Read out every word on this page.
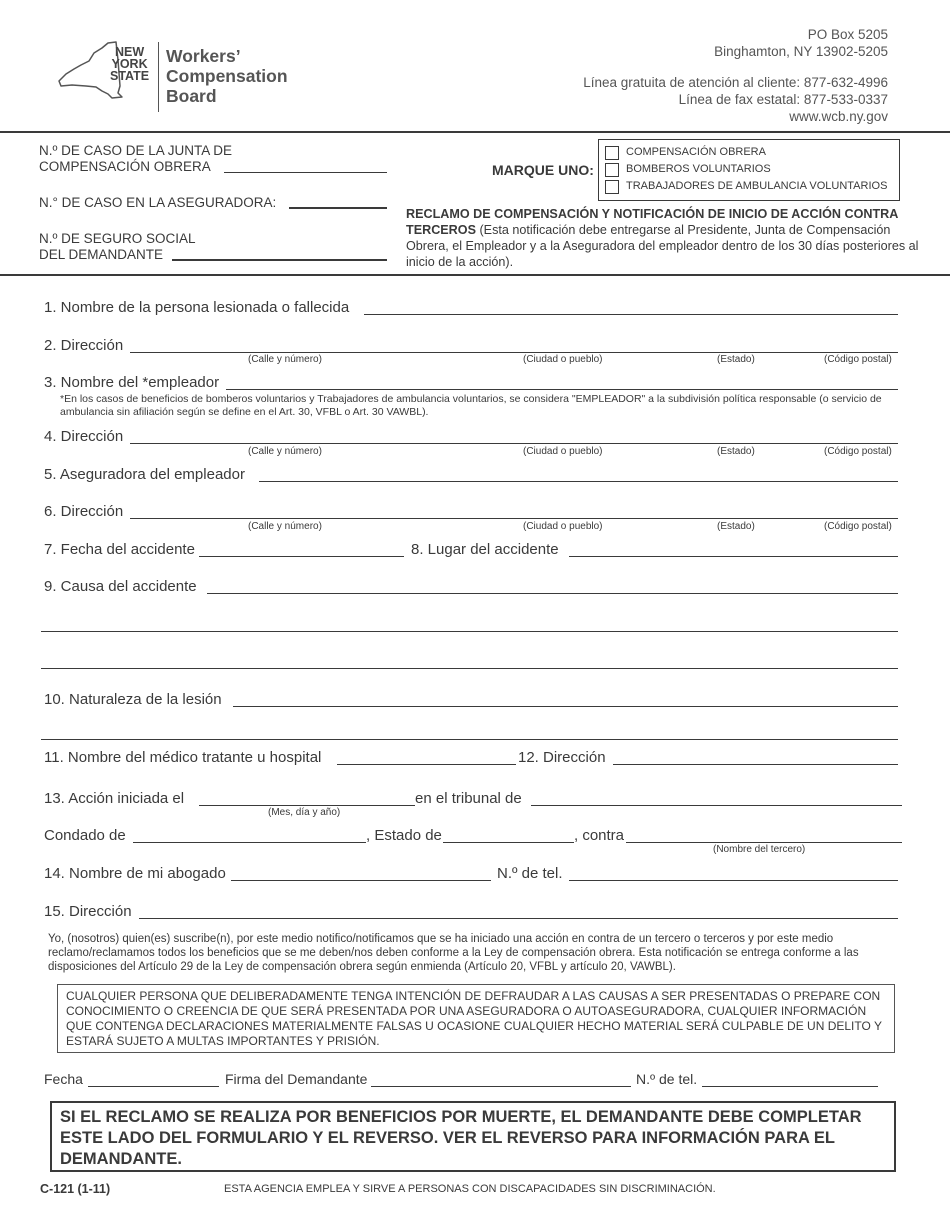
NEW
YORK
STATE
Workers’
Compensation
Board
PO Box 5205
Binghamton, NY 13902-5205
Línea gratuita de atención al cliente: 877-632-4996
Línea de fax estatal: 877-533-0337
www.wcb.ny.gov
N.º DE CASO DE LA JUNTA DE
COMPENSACIÓN OBRERA
N.° DE CASO EN LA ASEGURADORA:
N.º DE SEGURO SOCIAL
DEL DEMANDANTE
MARQUE UNO:
COMPENSACIÓN OBRERA
BOMBEROS VOLUNTARIOS
TRABAJADORES DE AMBULANCIA VOLUNTARIOS
RECLAMO DE COMPENSACIÓN Y NOTIFICACIÓN DE INICIO DE ACCIÓN CONTRA TERCEROS (Esta notificación debe entregarse al Presidente, Junta de Compensación Obrera, el Empleador y a la Aseguradora del empleador dentro de los 30 días posteriores al inicio de la acción).
1. Nombre de la persona lesionada o fallecida
2. Dirección
(Calle y número)	(Ciudad o pueblo)	(Estado)	(Código postal)
3. Nombre del *empleador
*En los casos de beneficios de bomberos voluntarios y Trabajadores de ambulancia voluntarios, se considera "EMPLEADOR" a la subdivisión política responsable (o servicio de ambulancia sin afiliación según se define en el Art. 30, VFBL o Art. 30 VAWBL).
4. Dirección
(Calle y número)	(Ciudad o pueblo)	(Estado)	(Código postal)
5. Aseguradora del empleador
6. Dirección
(Calle y número)	(Ciudad o pueblo)	(Estado)	(Código postal)
7. Fecha del accidente	8. Lugar del accidente
9. Causa del accidente
10. Naturaleza de la lesión
11. Nombre del médico tratante u hospital	12. Dirección
13. Acción iniciada el
(Mes, día y año)
en el tribunal de
Condado de	, Estado de	, contra
(Nombre del tercero)
14. Nombre de mi abogado	N.º de tel.
15. Dirección
Yo, (nosotros) quien(es) suscribe(n), por este medio notifico/notificamos que se ha iniciado una acción en contra de un tercero o terceros y por este medio reclamo/reclamamos todos los beneficios que se me deben/nos deben conforme a la Ley de compensación obrera. Esta notificación se entrega conforme a las disposiciones del Artículo 29 de la Ley de compensación obrera según enmienda (Artículo 20, VFBL y artículo 20, VAWBL).
CUALQUIER PERSONA QUE DELIBERADAMENTE TENGA INTENCIÓN DE DEFRAUDAR A LAS CAUSAS A SER PRESENTADAS O PREPARE CON CONOCIMIENTO O CREENCIA DE QUE SERÁ PRESENTADA POR UNA ASEGURADORA O AUTOASEGURADORA, CUALQUIER INFORMACIÓN QUE CONTENGA DECLARACIONES MATERIALMENTE FALSAS U OCASIONE CUALQUIER HECHO MATERIAL SERÁ CULPABLE DE UN DELITO Y ESTARÁ SUJETO A MULTAS IMPORTANTES Y PRISIÓN.
Fecha	Firma del Demandante	N.º de tel.
SI EL RECLAMO SE REALIZA POR BENEFICIOS POR MUERTE, EL DEMANDANTE DEBE COMPLETAR ESTE LADO DEL FORMULARIO Y EL REVERSO. VER EL REVERSO PARA INFORMACIÓN PARA EL DEMANDANTE.
C-121 (1-11)	ESTA AGENCIA EMPLEA Y SIRVE A PERSONAS CON DISCAPACIDADES SIN DISCRIMINACIÓN.
